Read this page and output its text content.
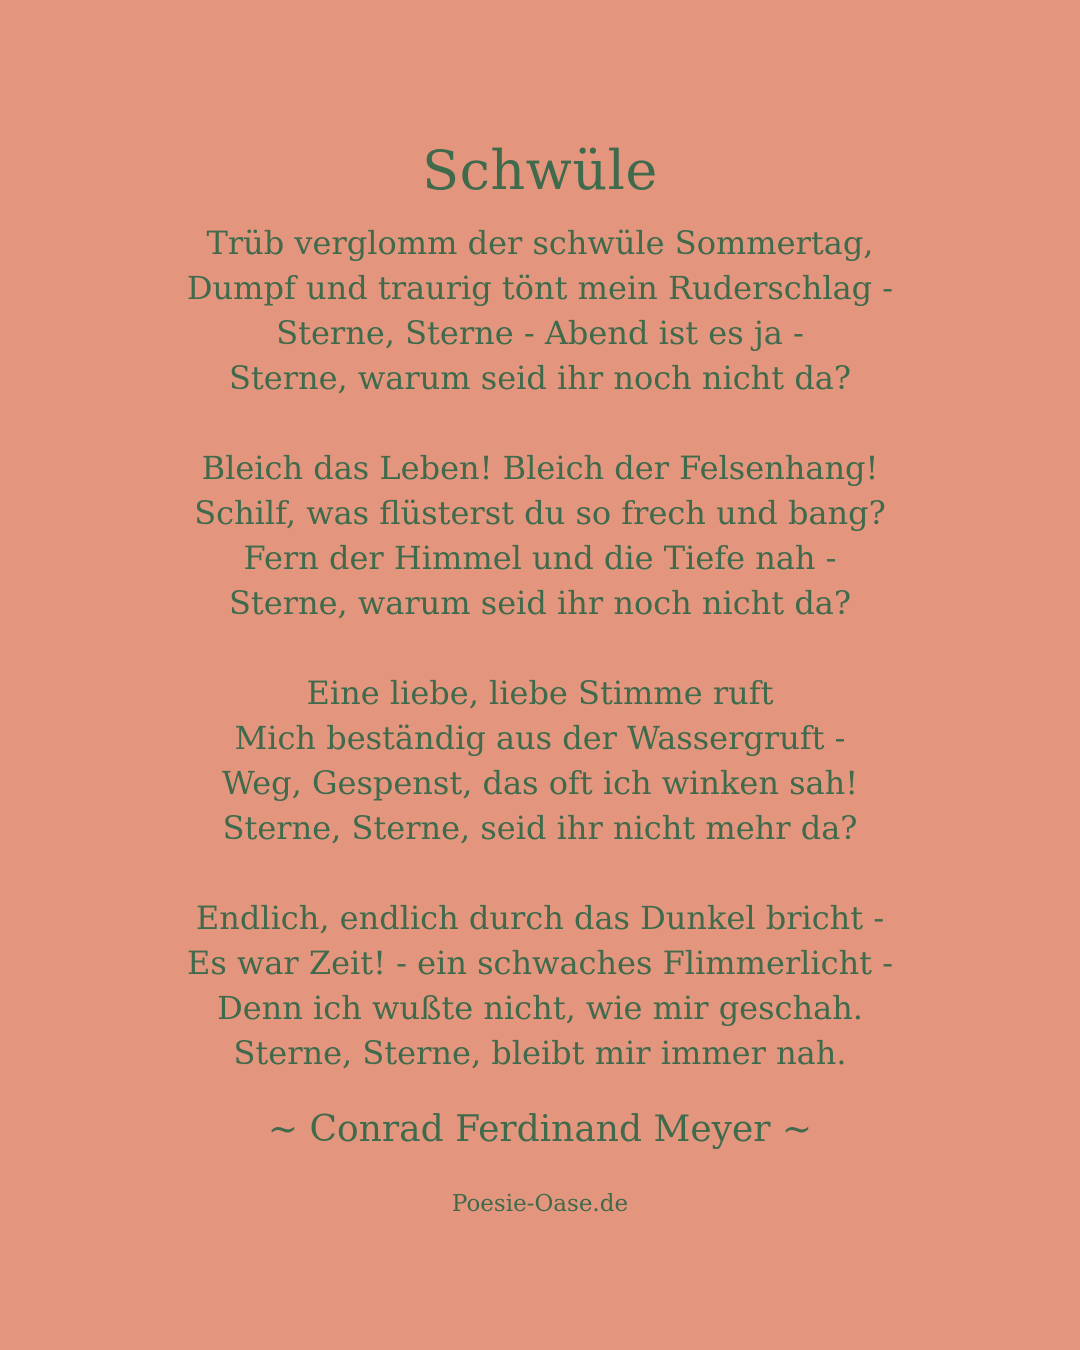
Schwüle
Trüb verglomm der schwüle Sommertag,
Dumpf und traurig tönt mein Ruderschlag -
Sterne, Sterne - Abend ist es ja -
Sterne, warum seid ihr noch nicht da?
Bleich das Leben! Bleich der Felsenhang!
Schilf, was flüsterst du so frech und bang?
Fern der Himmel und die Tiefe nah -
Sterne, warum seid ihr noch nicht da?
Eine liebe, liebe Stimme ruft
Mich beständig aus der Wassergruft -
Weg, Gespenst, das oft ich winken sah!
Sterne, Sterne, seid ihr nicht mehr da?
Endlich, endlich durch das Dunkel bricht -
Es war Zeit! - ein schwaches Flimmerlicht -
Denn ich wußte nicht, wie mir geschah.
Sterne, Sterne, bleibt mir immer nah.
~ Conrad Ferdinand Meyer ~
Poesie-Oase.de
